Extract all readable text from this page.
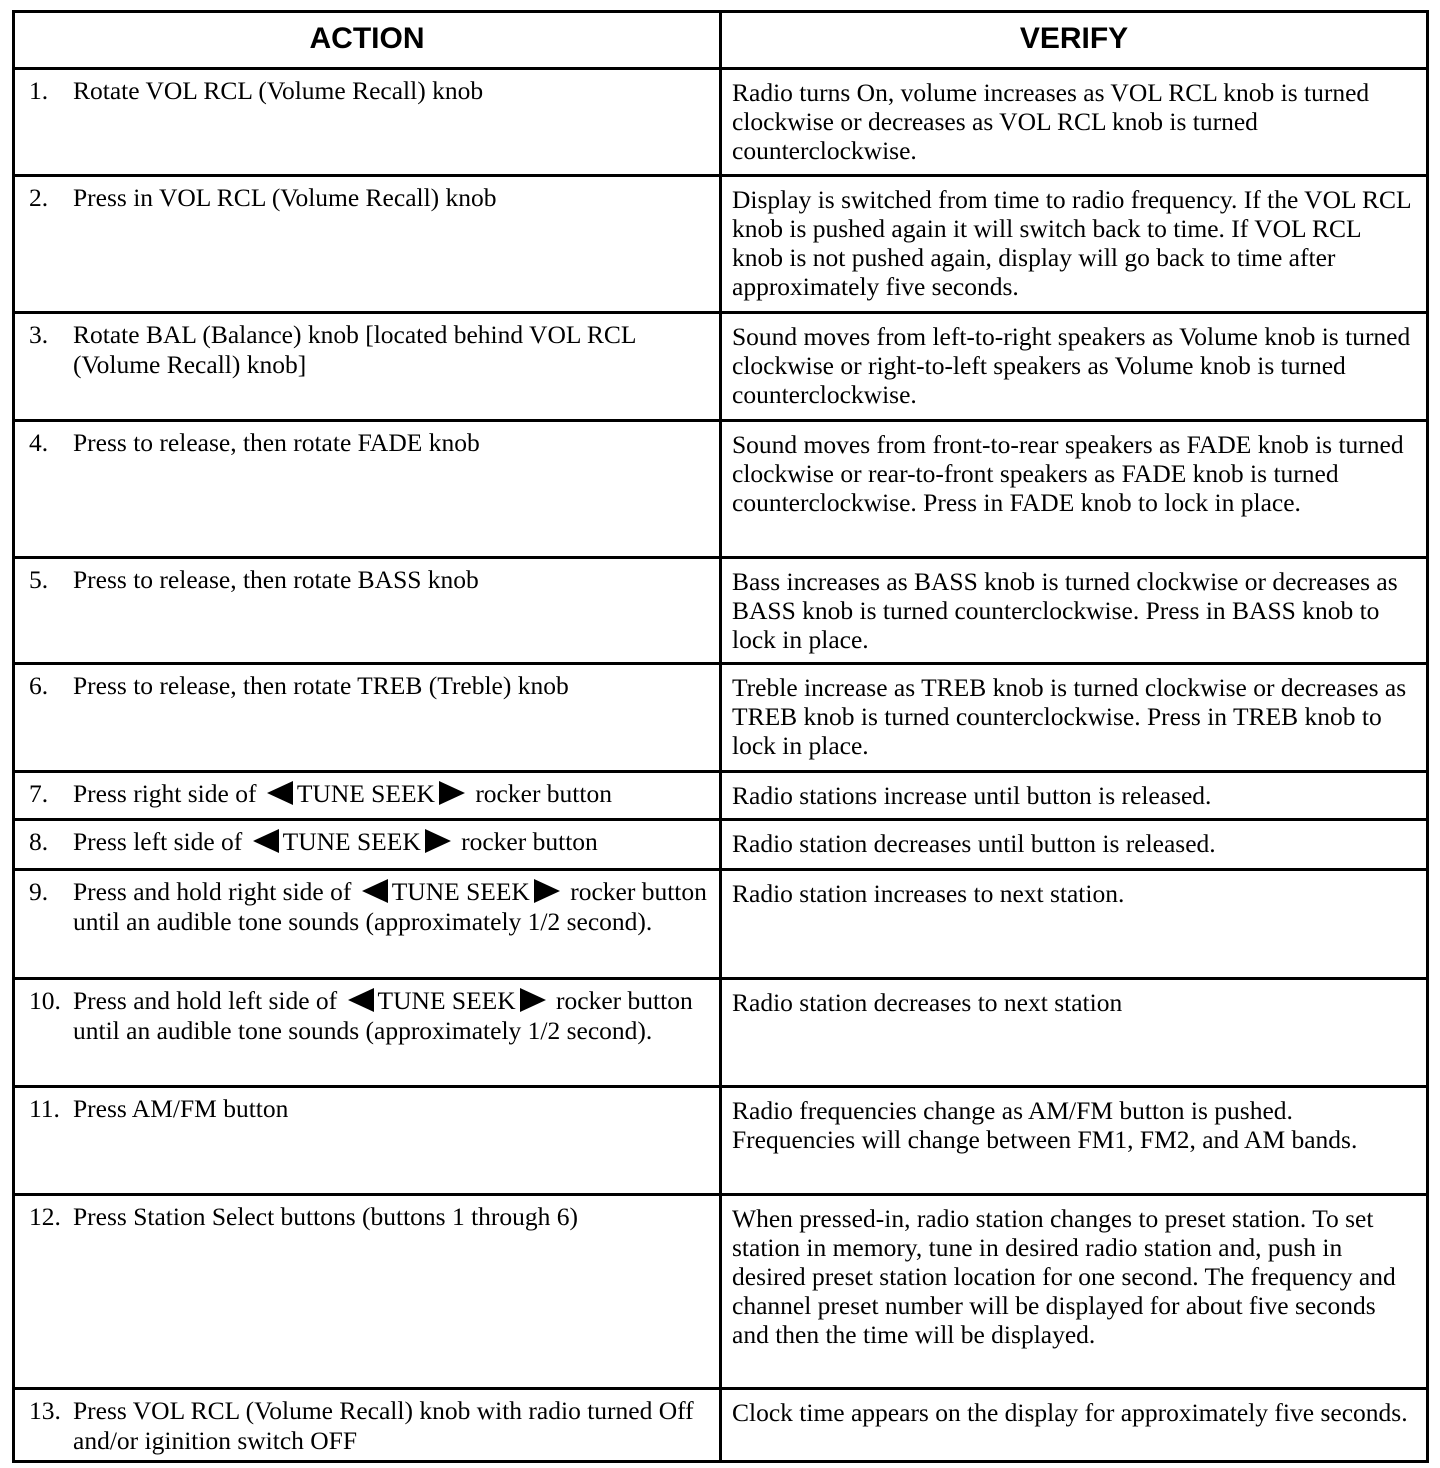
ACTION	VERIFY

1. Rotate VOL RCL (Volume Recall) knob	Radio turns On, volume increases as VOL RCL knob is turned clockwise or decreases as VOL RCL knob is turned counterclockwise.

2. Press in VOL RCL (Volume Recall) knob	Display is switched from time to radio frequency. If the VOL RCL knob is pushed again it will switch back to time. If VOL RCL knob is not pushed again, display will go back to time after approximately five seconds.

3. Rotate BAL (Balance) knob [located behind VOL RCL (Volume Recall) knob]	Sound moves from left-to-right speakers as Volume knob is turned clockwise or right-to-left speakers as Volume knob is turned counterclockwise.

4. Press to release, then rotate FADE knob	Sound moves from front-to-rear speakers as FADE knob is turned clockwise or rear-to-front speakers as FADE knob is turned counterclockwise. Press in FADE knob to lock in place.

5. Press to release, then rotate BASS knob	Bass increases as BASS knob is turned clockwise or decreases as BASS knob is turned counterclockwise. Press in BASS knob to lock in place.

6. Press to release, then rotate TREB (Treble) knob	Treble increase as TREB knob is turned clockwise or decreases as TREB knob is turned counterclockwise. Press in TREB knob to lock in place.

7. Press right side of TUNE SEEK rocker button	Radio stations increase until button is released.

8. Press left side of TUNE SEEK rocker button	Radio station decreases until button is released.

9. Press and hold right side of TUNE SEEK rocker button until an audible tone sounds (approximately 1/2 second).	Radio station increases to next station.

10. Press and hold left side of TUNE SEEK rocker button until an audible tone sounds (approximately 1/2 second).	Radio station decreases to next station

11. Press AM/FM button	Radio frequencies change as AM/FM button is pushed. Frequencies will change between FM1, FM2, and AM bands.

12. Press Station Select buttons (buttons 1 through 6)	When pressed-in, radio station changes to preset station. To set station in memory, tune in desired radio station and, push in desired preset station location for one second. The frequency and channel preset number will be displayed for about five seconds and then the time will be displayed.

13. Press VOL RCL (Volume Recall) knob with radio turned Off and/or iginition switch OFF	Clock time appears on the display for approximately five seconds.
